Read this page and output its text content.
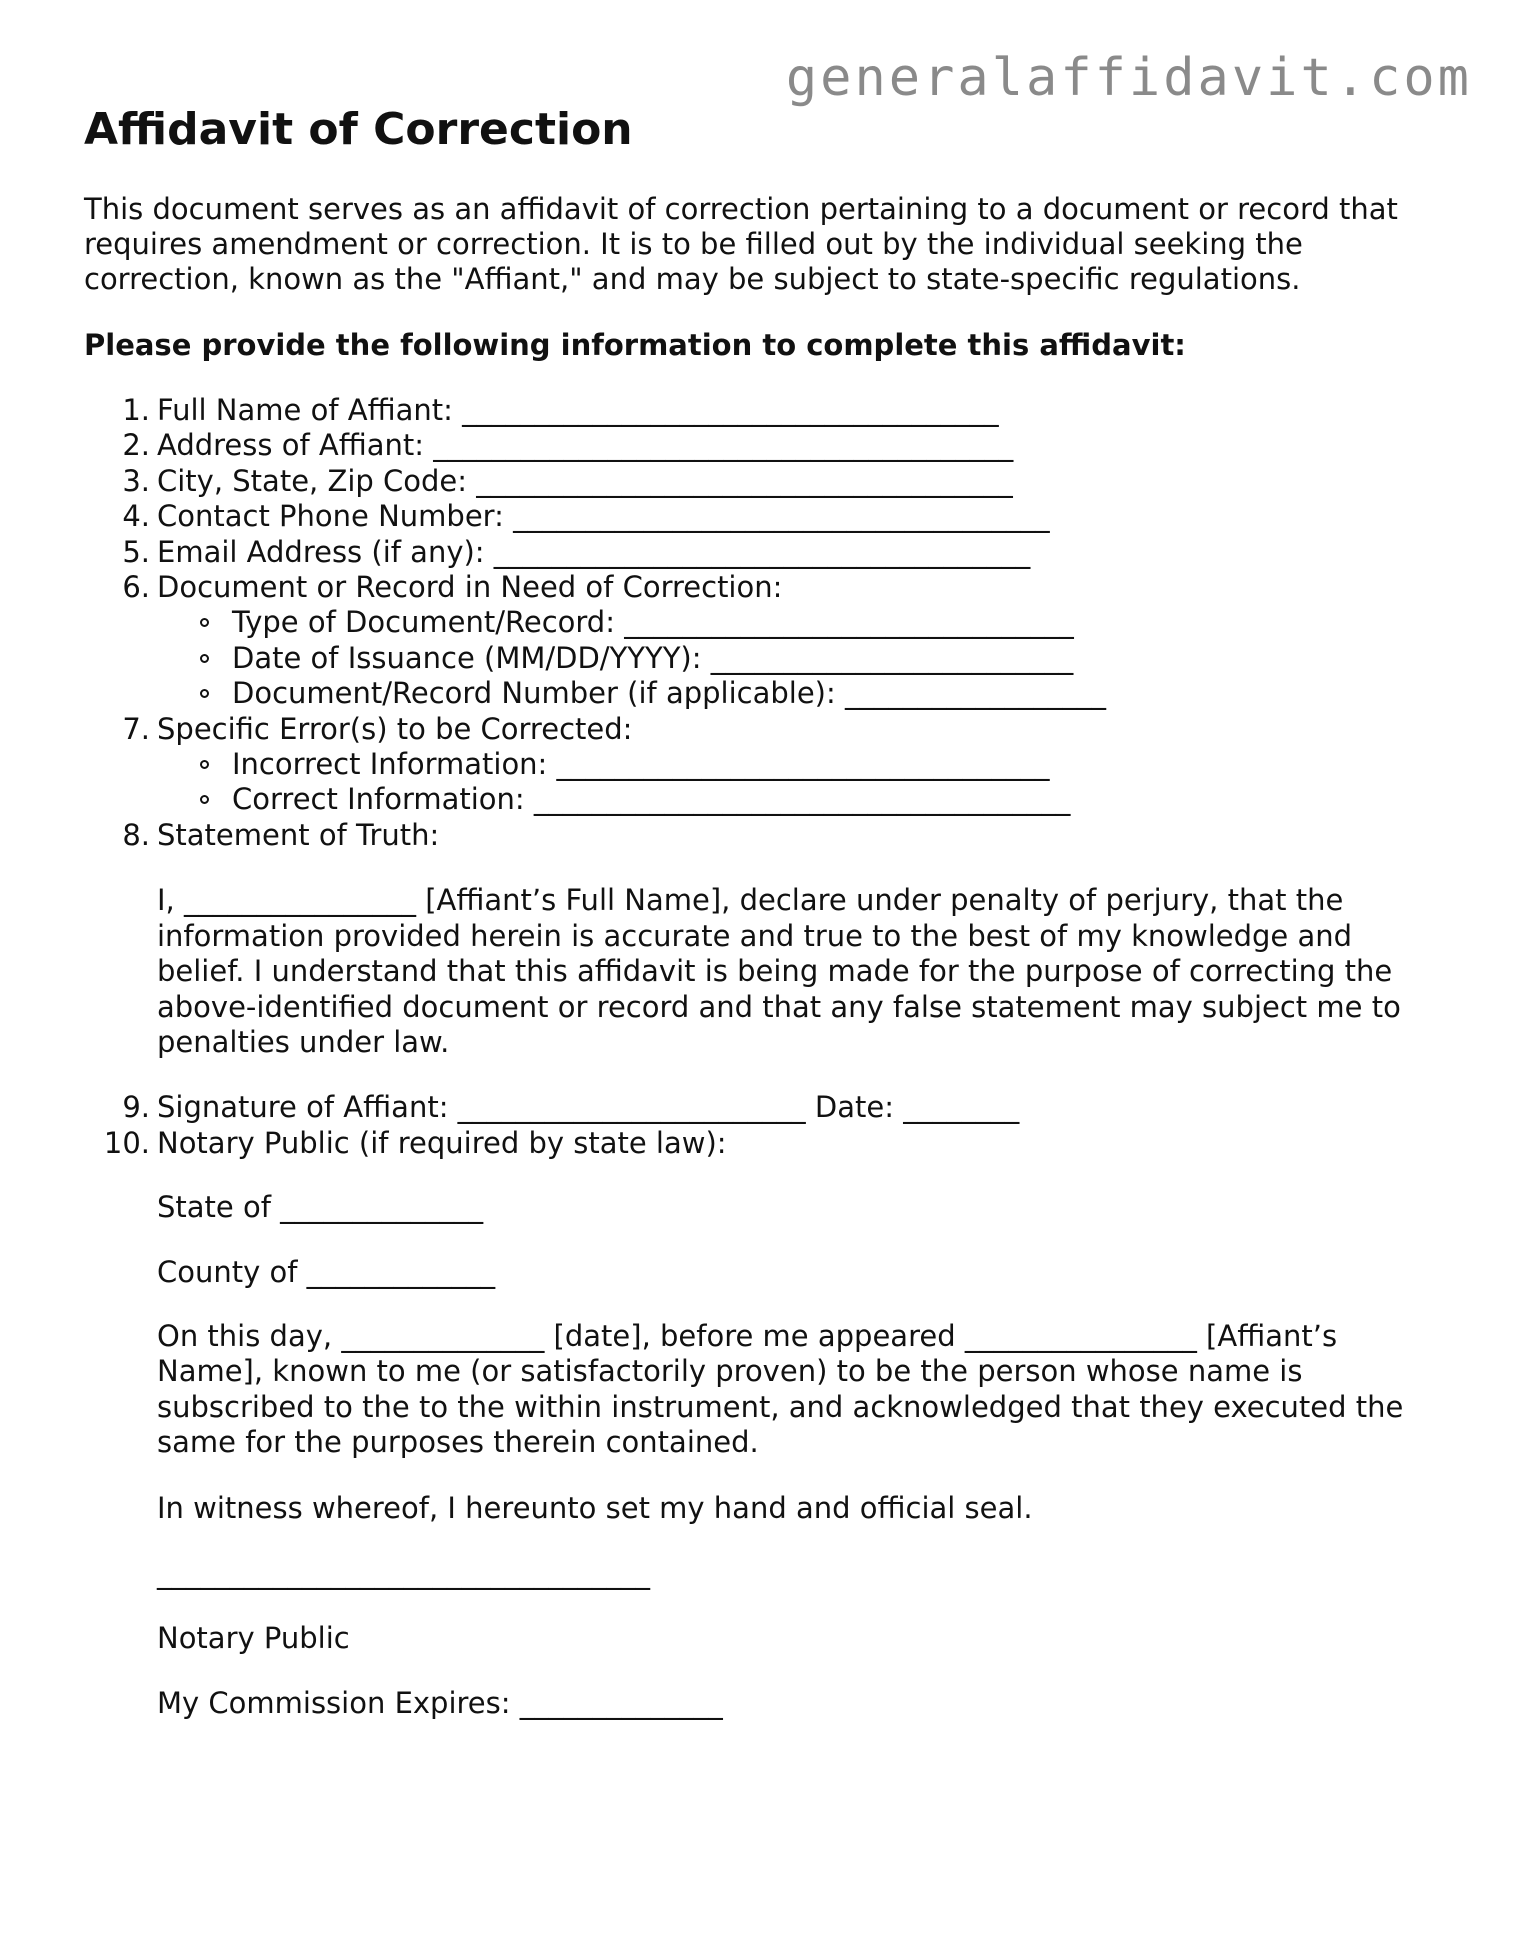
generalaffidavit.com
Affidavit of Correction

This document serves as an affidavit of correction pertaining to a document or record that requires amendment or correction. It is to be filled out by the individual seeking the correction, known as the "Affiant," and may be subject to state-specific regulations.

Please provide the following information to complete this affidavit:

1. Full Name of Affiant: _____________________________________
2. Address of Affiant: ________________________________________
3. City, State, Zip Code: _____________________________________
4. Contact Phone Number: _____________________________________
5. Email Address (if any): _____________________________________
6. Document or Record in Need of Correction:
Type of Document/Record: _______________________________
Date of Issuance (MM/DD/YYYY): _________________________
Document/Record Number (if applicable): __________________
7. Specific Error(s) to be Corrected:
Incorrect Information: __________________________________
Correct Information: _____________________________________
8. Statement of Truth:

I, ________________ [Affiant’s Full Name], declare under penalty of perjury, that the information provided herein is accurate and true to the best of my knowledge and belief. I understand that this affidavit is being made for the purpose of correcting the above-identified document or record and that any false statement may subject me to penalties under law.

9. Signature of Affiant: ________________________ Date: ________
10. Notary Public (if required by state law):

State of ______________

County of _____________

On this day, ______________ [date], before me appeared ________________ [Affiant’s Name], known to me (or satisfactorily proven) to be the person whose name is subscribed to the to the within instrument, and acknowledged that they executed the same for the purposes therein contained.

In witness whereof, I hereunto set my hand and official seal.

__________________________________

Notary Public

My Commission Expires: ______________
